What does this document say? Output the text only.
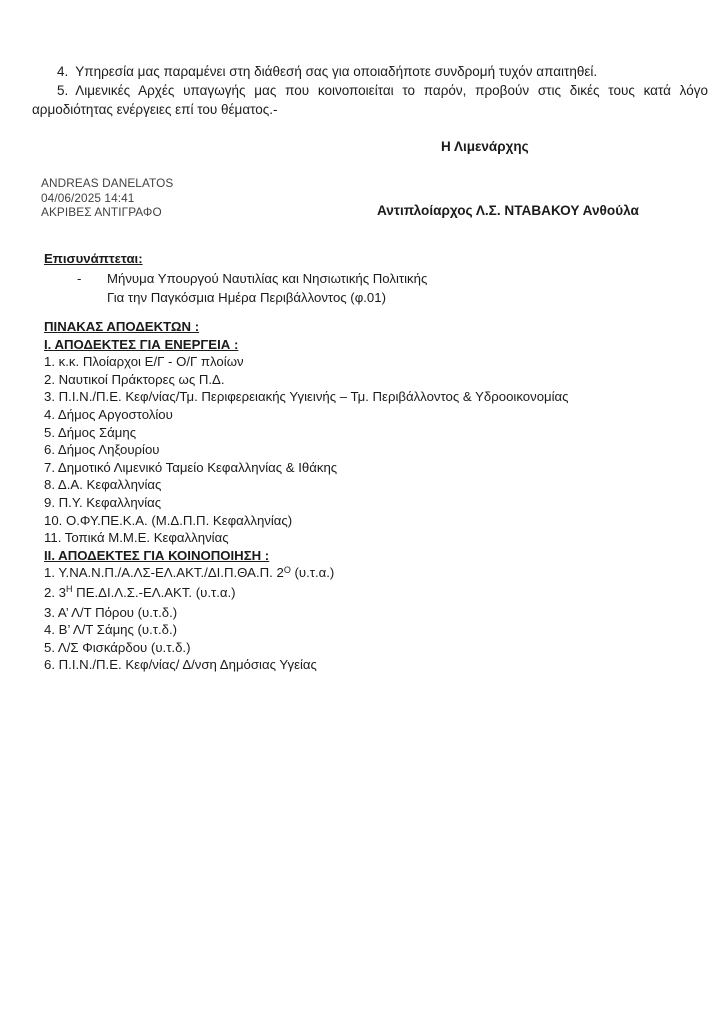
4. Υπηρεσία μας παραμένει στη διάθεσή σας για οποιαδήποτε συνδρομή τυχόν απαιτηθεί.

5. Λιμενικές Αρχές υπαγωγής μας που κοινοποιείται το παρόν, προβούν στις δικές τους κατά λόγο αρμοδιότητας ενέργειες επί του θέματος.-

Η Λιμενάρχης
ANDREAS DANELATOS
04/06/2025 14:41
ΑΚΡΙΒΕΣ ΑΝΤΙΓΡΑΦΟ	Αντιπλοίαρχος Λ.Σ. ΝΤΑΒΑΚΟΥ Ανθούλα
Επισυνάπτεται:
-	Μήνυμα Υπουργού Ναυτιλίας και Νησιωτικής Πολιτικής
Για την Παγκόσμια Ημέρα Περιβάλλοντος (φ.01)
ΠΙΝΑΚΑΣ ΑΠΟΔΕΚΤΩΝ :
Ι. ΑΠΟΔΕΚΤΕΣ ΓΙΑ ΕΝΕΡΓΕΙΑ :
1. κ.κ. Πλοίαρχοι Ε/Γ - Ο/Γ πλοίων
2. Ναυτικοί Πράκτορες ως Π.Δ.
3. Π.Ι.Ν./Π.Ε. Κεφ/νίας/Τμ. Περιφερειακής Υγιεινής – Τμ. Περιβάλλοντος & Υδροοικονομίας
4. Δήμος Αργοστολίου
5. Δήμος Σάμης
6. Δήμος Ληξουρίου
7. Δημοτικό Λιμενικό Ταμείο Κεφαλληνίας & Ιθάκης
8. Δ.Α. Κεφαλληνίας
9. Π.Υ. Κεφαλληνίας
10. Ο.ΦΥ.ΠΕ.Κ.Α. (Μ.Δ.Π.Π. Κεφαλληνίας)
11. Τοπικά Μ.Μ.Ε. Κεφαλληνίας
ΙΙ. ΑΠΟΔΕΚΤΕΣ ΓΙΑ ΚΟΙΝΟΠΟΙΗΣΗ :
1. Υ.ΝΑ.Ν.Π./Α.ΛΣ-ΕΛ.ΑΚΤ./ΔΙ.Π.ΘΑ.Π. $2^O$ (υ.τ.α.)
2. $3^H$ ΠΕ.ΔΙ.Λ.Σ.-ΕΛ.ΑΚΤ. (υ.τ.α.)
3. Α’ Λ/Τ Πόρου (υ.τ.δ.)
4. Β’ Λ/Τ Σάμης (υ.τ.δ.)
5. Λ/Σ Φισκάρδου (υ.τ.δ.)
6. Π.Ι.Ν./Π.Ε. Κεφ/νίας/ Δ/νση Δημόσιας Υγείας
